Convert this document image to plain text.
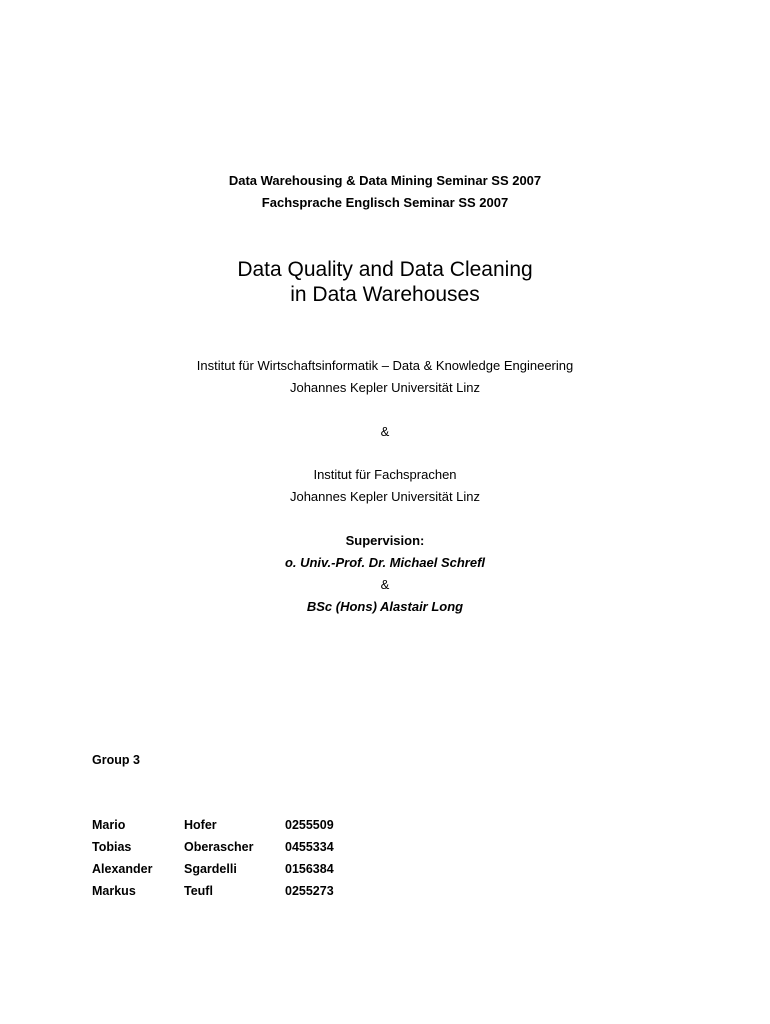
Data Warehousing & Data Mining Seminar SS 2007
Fachsprache Englisch Seminar SS 2007
Data Quality and Data Cleaning
in Data Warehouses
Institut für Wirtschaftsinformatik – Data & Knowledge Engineering
Johannes Kepler Universität Linz
&
Institut für Fachsprachen
Johannes Kepler Universität Linz
Supervision:
o. Univ.-Prof. Dr. Michael Schrefl
&
BSc (Hons) Alastair Long
Group 3
Mario	Hofer	0255509
Tobias	Oberascher	0455334
Alexander	Sgardelli	0156384
Markus	Teufl	0255273
